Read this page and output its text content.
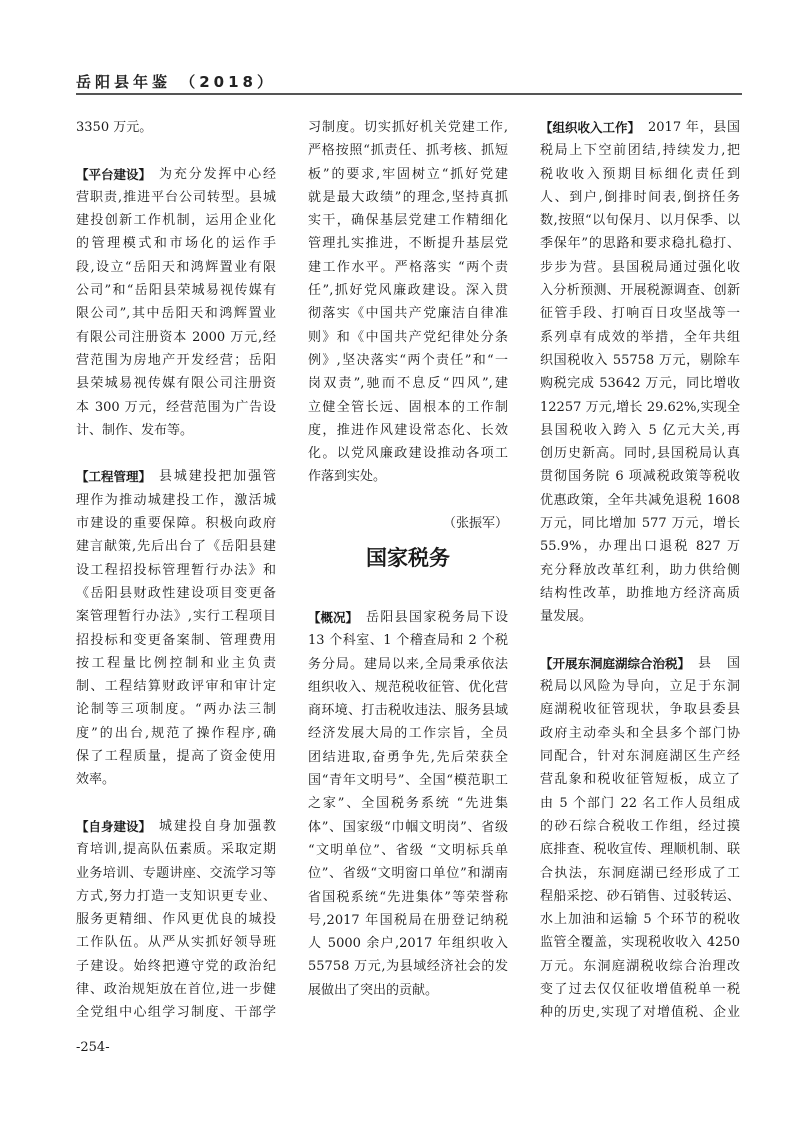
岳阳县年鉴 （2018）
3350 万元。
【平台建设】 为充分发挥中心经
营职责,推进平台公司转型。县城
建投创新工作机制，运用企业化
的管理模式和市场化的运作手
段,设立“岳阳天和鸿辉置业有限
公司”和“岳阳县荣城易视传媒有
限公司”,其中岳阳天和鸿辉置业
有限公司注册资本 2000 万元,经
营范围为房地产开发经营；岳阳
县荣城易视传媒有限公司注册资
本 300 万元，经营范围为广告设
计、制作、发布等。
【工程管理】 县城建投把加强管
理作为推动城建投工作，激活城
市建设的重要保障。积极向政府
建言献策,先后出台了《岳阳县建
设工程招投标管理暂行办法》和
《岳阳县财政性建设项目变更备
案管理暂行办法》,实行工程项目
招投标和变更备案制、管理费用
按工程量比例控制和业主负责
制、工程结算财政评审和审计定
论制等三项制度。“两办法三制
度”的出台,规范了操作程序,确
保了工程质量，提高了资金使用
效率。
【自身建设】 城建投自身加强教
育培训,提高队伍素质。采取定期
业务培训、专题讲座、交流学习等
方式,努力打造一支知识更专业、
服务更精细、作风更优良的城投
工作队伍。从严从实抓好领导班
子建设。始终把遵守党的政治纪
律、政治规矩放在首位,进一步健
全党组中心组学习制度、干部学
习制度。切实抓好机关党建工作,
严格按照“抓责任、抓考核、抓短
板”的要求,牢固树立“抓好党建
就是最大政绩”的理念,坚持真抓
实干，确保基层党建工作精细化
管理扎实推进，不断提升基层党
建工作水平。严格落实 “两个责
任”,抓好党风廉政建设。深入贯
彻落实《中国共产党廉洁自律准
则》和《中国共产党纪律处分条
例》,坚决落实“两个责任”和“一
岗双责”,驰而不息反“四风”,建
立健全管长远、固根本的工作制
度，推进作风建设常态化、长效
化。以党风廉政建设推动各项工
作落到实处。
（张振军）
国家税务
【概况】 岳阳县国家税务局下设
13 个科室、1 个稽查局和 2 个税
务分局。建局以来,全局秉承依法
组织收入、规范税收征管、优化营
商环境、打击税收违法、服务县域
经济发展大局的工作宗旨，全员
团结进取,奋勇争先,先后荣获全
国“青年文明号”、全国“模范职工
之家”、全国税务系统 “先进集
体”、国家级“巾帼文明岗”、省级
“文明单位”、省级 “文明标兵单
位”、省级“文明窗口单位”和湖南
省国税系统“先进集体”等荣誉称
号,2017 年国税局在册登记纳税
人 5000 余户,2017 年组织收入
55758 万元,为县域经济社会的发
展做出了突出的贡献。
【组织收入工作】 2017 年，县国
税局上下空前团结,持续发力,把
税收收入预期目标细化责任到
人、到户,倒排时间表,倒挤任务
数,按照“以旬保月、以月保季、以
季保年”的思路和要求稳扎稳打、
步步为营。县国税局通过强化收
入分析预测、开展税源调查、创新
征管手段、打响百日攻坚战等一
系列卓有成效的举措，全年共组
织国税收入 55758 万元，剔除车
购税完成 53642 万元，同比增收
12257 万元,增长 29.62%,实现全
县国税收入跨入 5 亿元大关,再
创历史新高。同时,县国税局认真
贯彻国务院 6 项减税政策等税收
优惠政策，全年共减免退税 1608
万元，同比增加 577 万元，增长
55.9%，办理出口退税 827 万
充分释放改革红利，助力供给侧
结构性改革，助推地方经济高质
量发展。
【开展东洞庭湖综合治税】 县国
税局以风险为导向，立足于东洞
庭湖税收征管现状，争取县委县
政府主动牵头和全县多个部门协
同配合，针对东洞庭湖区生产经
营乱象和税收征管短板，成立了
由 5 个部门 22 名工作人员组成
的砂石综合税收工作组，经过摸
底排查、税收宣传、理顺机制、联
合执法，东洞庭湖已经形成了工
程船采挖、砂石销售、过驳转运、
水上加油和运输 5 个环节的税收
监管全覆盖，实现税收收入 4250
万元。东洞庭湖税收综合治理改
变了过去仅仅征收增值税单一税
种的历史,实现了对增值税、企业
-254-
